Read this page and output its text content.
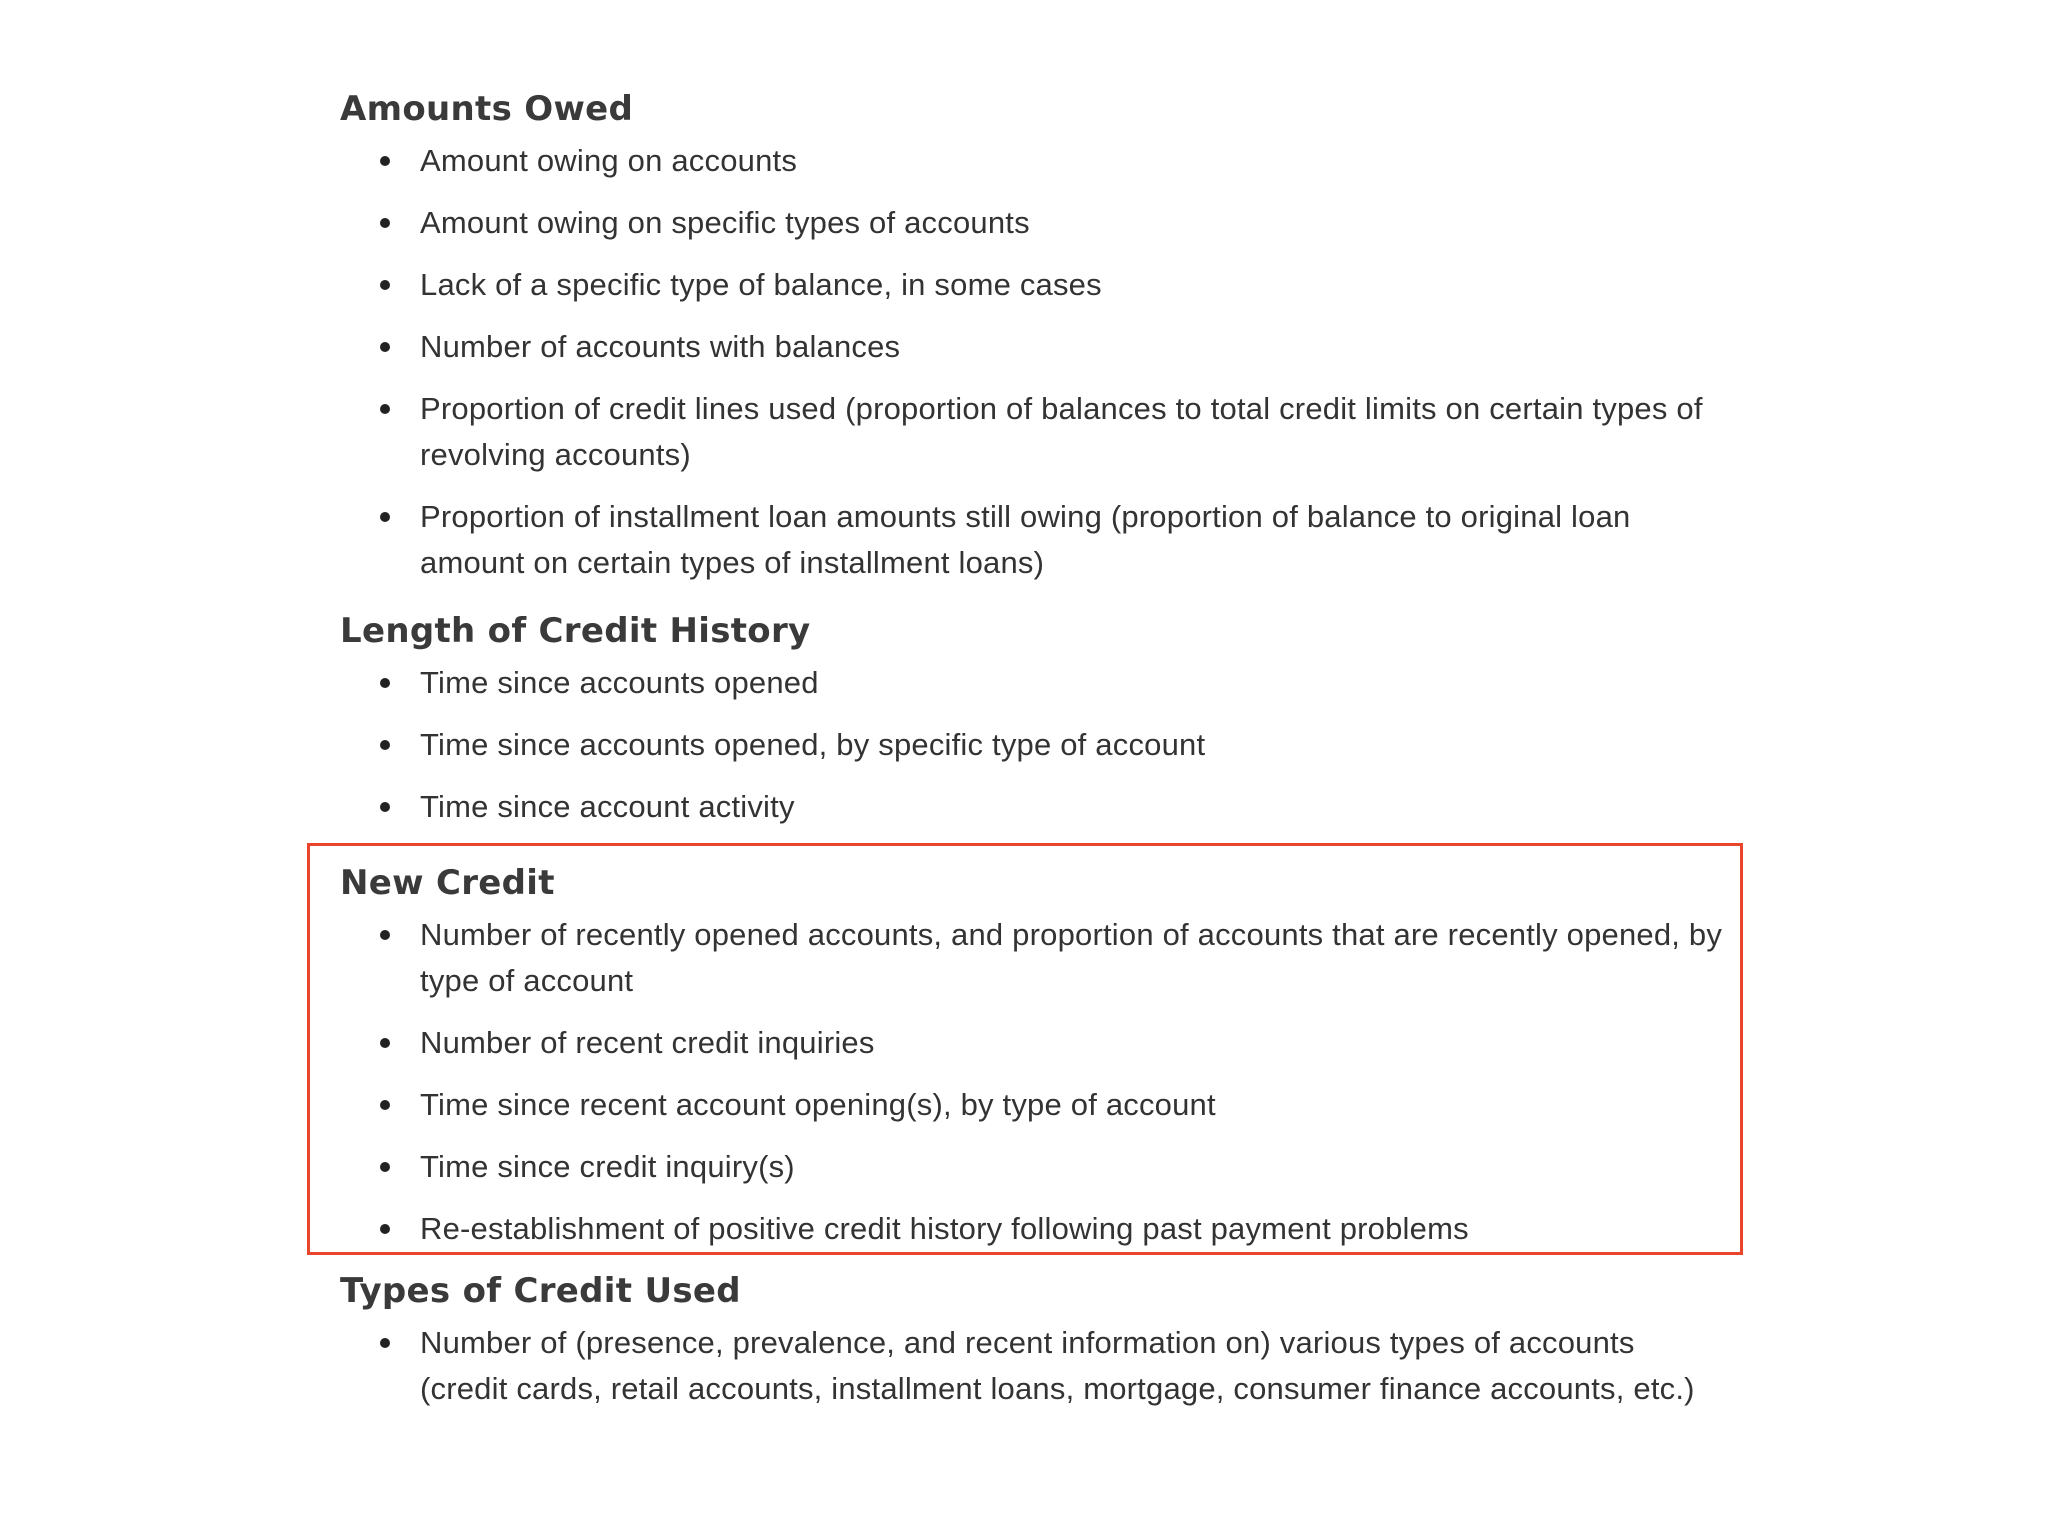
Amounts Owed
Amount owing on accounts
Amount owing on specific types of accounts
Lack of a specific type of balance, in some cases
Number of accounts with balances
Proportion of credit lines used (proportion of balances to total credit limits on certain types of revolving accounts)
Proportion of installment loan amounts still owing (proportion of balance to original loan amount on certain types of installment loans)
Length of Credit History
Time since accounts opened
Time since accounts opened, by specific type of account
Time since account activity
New Credit
Number of recently opened accounts, and proportion of accounts that are recently opened, by type of account
Number of recent credit inquiries
Time since recent account opening(s), by type of account
Time since credit inquiry(s)
Re-establishment of positive credit history following past payment problems
Types of Credit Used
Number of (presence, prevalence, and recent information on) various types of accounts (credit cards, retail accounts, installment loans, mortgage, consumer finance accounts, etc.)
